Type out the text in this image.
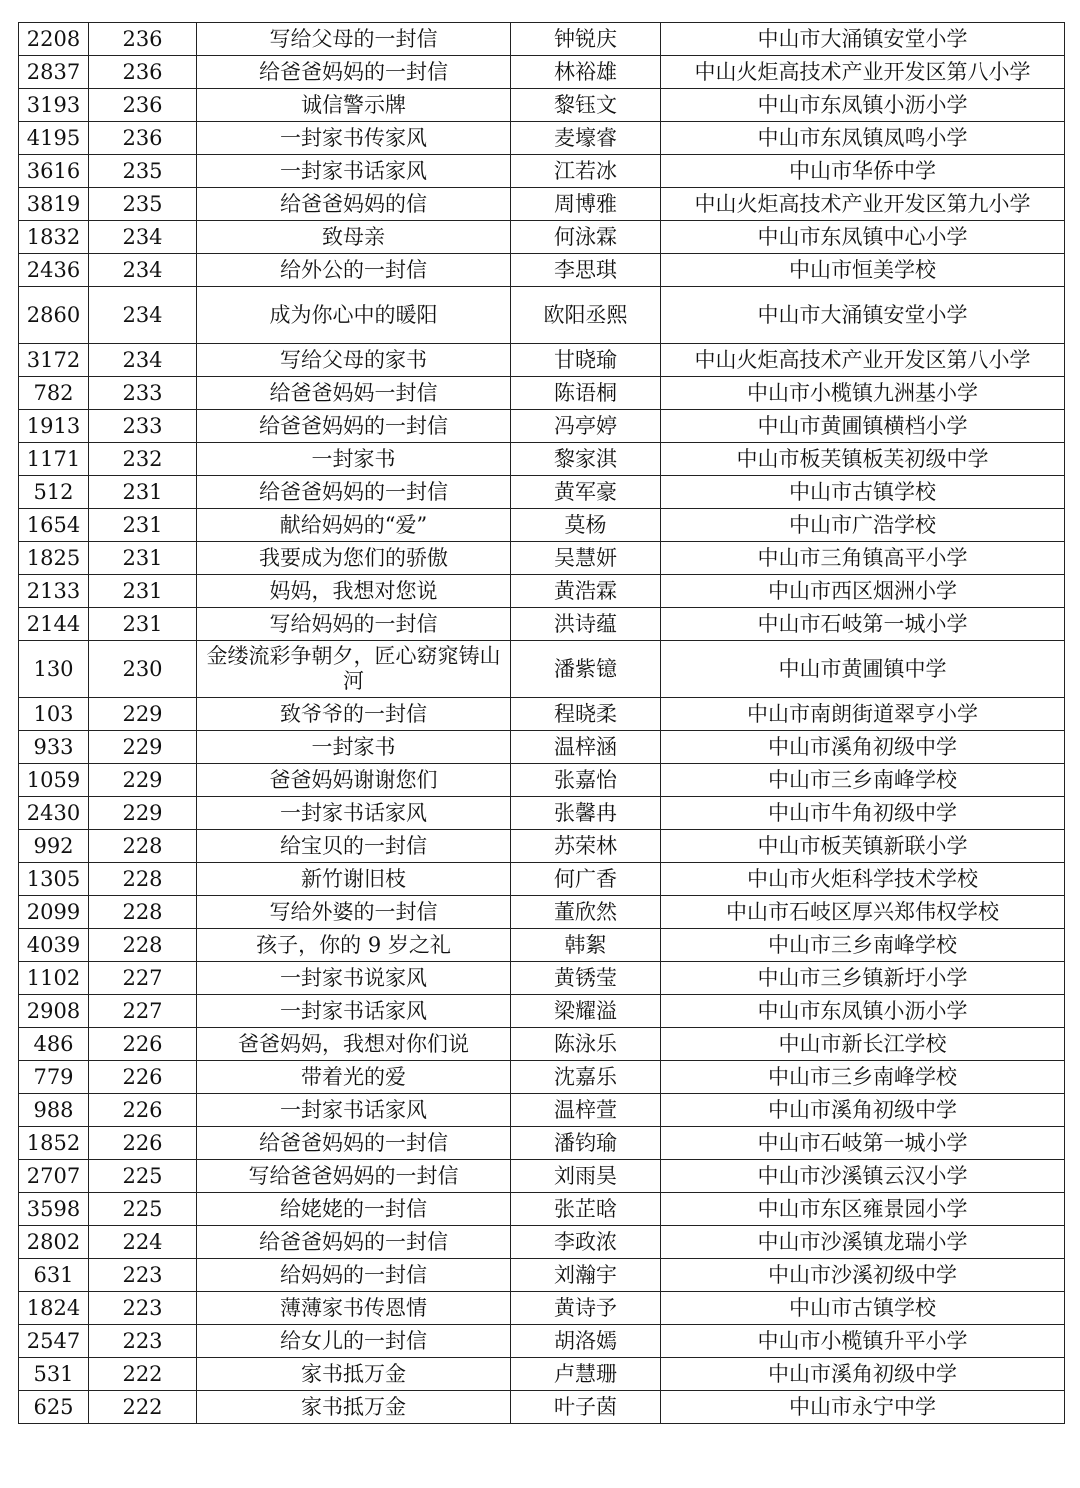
2208	236	写给父母的一封信	钟锐庆	中山市大涌镇安堂小学
2837	236	给爸爸妈妈的一封信	林裕雄	中山火炬高技术产业开发区第八小学
3193	236	诚信警示牌	黎钰文	中山市东凤镇小沥小学
4195	236	一封家书传家风	麦壕睿	中山市东凤镇凤鸣小学
3616	235	一封家书话家风	江若冰	中山市华侨中学
3819	235	给爸爸妈妈的信	周博雅	中山火炬高技术产业开发区第九小学
1832	234	致母亲	何泳霖	中山市东凤镇中心小学
2436	234	给外公的一封信	李思琪	中山市恒美学校
2860	234	成为你心中的暖阳	欧阳丞熙	中山市大涌镇安堂小学
3172	234	写给父母的家书	甘晓瑜	中山火炬高技术产业开发区第八小学
782	233	给爸爸妈妈一封信	陈语桐	中山市小榄镇九洲基小学
1913	233	给爸爸妈妈的一封信	冯亭婷	中山市黄圃镇横档小学
1171	232	一封家书	黎家淇	中山市板芙镇板芙初级中学
512	231	给爸爸妈妈的一封信	黄军豪	中山市古镇学校
1654	231	献给妈妈的“爱”	莫杨	中山市广浩学校
1825	231	我要成为您们的骄傲	吴慧妍	中山市三角镇高平小学
2133	231	妈妈，我想对您说	黄浩霖	中山市西区烟洲小学
2144	231	写给妈妈的一封信	洪诗蕴	中山市石岐第一城小学
130	230	金缕流彩争朝夕，匠心窈窕铸山河	潘紫镱	中山市黄圃镇中学
103	229	致爷爷的一封信	程晓柔	中山市南朗街道翠亨小学
933	229	一封家书	温梓涵	中山市溪角初级中学
1059	229	爸爸妈妈谢谢您们	张嘉怡	中山市三乡南峰学校
2430	229	一封家书话家风	张馨冉	中山市牛角初级中学
992	228	给宝贝的一封信	苏荣林	中山市板芙镇新联小学
1305	228	新竹谢旧枝	何广香	中山市火炬科学技术学校
2099	228	写给外婆的一封信	董欣然	中山市石岐区厚兴郑伟权学校
4039	228	孩子，你的 9 岁之礼	韩絮	中山市三乡南峰学校
1102	227	一封家书说家风	黄锈莹	中山市三乡镇新圩小学
2908	227	一封家书话家风	梁耀溢	中山市东凤镇小沥小学
486	226	爸爸妈妈，我想对你们说	陈泳乐	中山市新长江学校
779	226	带着光的爱	沈嘉乐	中山市三乡南峰学校
988	226	一封家书话家风	温梓萱	中山市溪角初级中学
1852	226	给爸爸妈妈的一封信	潘钧瑜	中山市石岐第一城小学
2707	225	写给爸爸妈妈的一封信	刘雨昊	中山市沙溪镇云汉小学
3598	225	给姥姥的一封信	张芷晗	中山市东区雍景园小学
2802	224	给爸爸妈妈的一封信	李政浓	中山市沙溪镇龙瑞小学
631	223	给妈妈的一封信	刘瀚宇	中山市沙溪初级中学
1824	223	薄薄家书传恩情	黄诗予	中山市古镇学校
2547	223	给女儿的一封信	胡洛嫣	中山市小榄镇升平小学
531	222	家书抵万金	卢慧珊	中山市溪角初级中学
625	222	家书抵万金	叶子茵	中山市永宁中学
